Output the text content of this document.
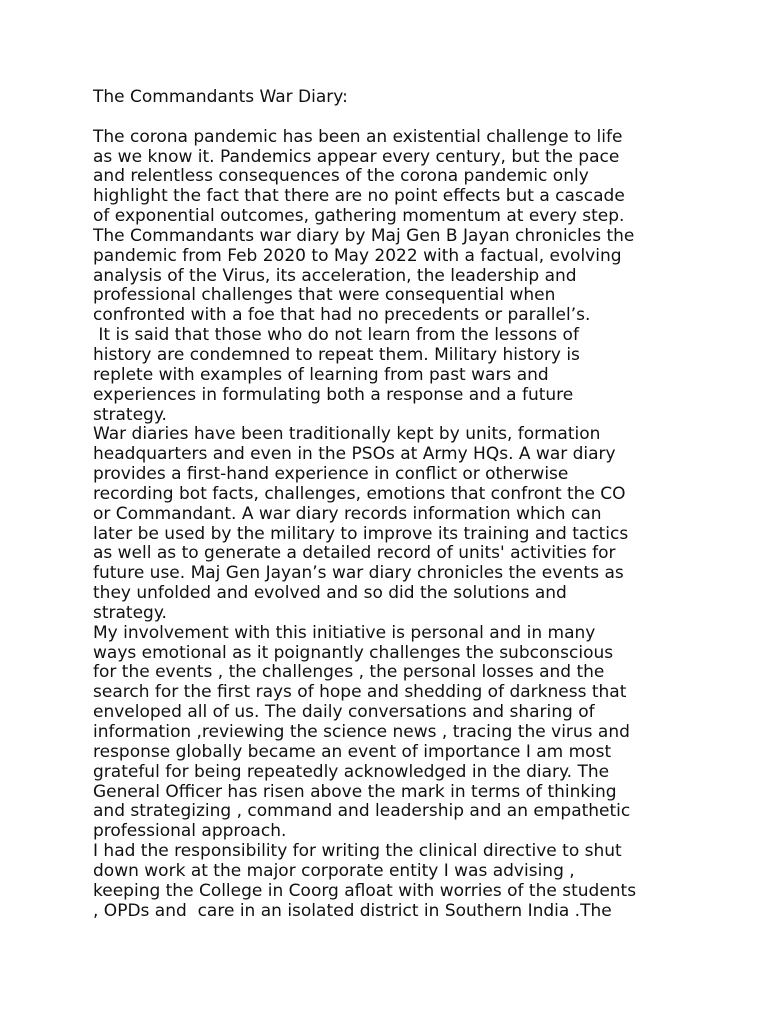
The Commandants War Diary:
The corona pandemic has been an existential challenge to life
as we know it. Pandemics appear every century, but the pace
and relentless consequences of the corona pandemic only
highlight the fact that there are no point effects but a cascade
of exponential outcomes, gathering momentum at every step.
The Commandants war diary by Maj Gen B Jayan chronicles the
pandemic from Feb 2020 to May 2022 with a factual, evolving
analysis of the Virus, its acceleration, the leadership and
professional challenges that were consequential when
confronted with a foe that had no precedents or parallel’s.
It is said that those who do not learn from the lessons of
history are condemned to repeat them. Military history is
replete with examples of learning from past wars and
experiences in formulating both a response and a future
strategy.
War diaries have been traditionally kept by units, formation
headquarters and even in the PSOs at Army HQs. A war diary
provides a first-hand experience in conflict or otherwise
recording bot facts, challenges, emotions that confront the CO
or Commandant. A war diary records information which can
later be used by the military to improve its training and tactics
as well as to generate a detailed record of units' activities for
future use. Maj Gen Jayan’s war diary chronicles the events as
they unfolded and evolved and so did the solutions and
strategy.
My involvement with this initiative is personal and in many
ways emotional as it poignantly challenges the subconscious
for the events , the challenges , the personal losses and the
search for the first rays of hope and shedding of darkness that
enveloped all of us. The daily conversations and sharing of
information ,reviewing the science news , tracing the virus and
response globally became an event of importance I am most
grateful for being repeatedly acknowledged in the diary. The
General Officer has risen above the mark in terms of thinking
and strategizing , command and leadership and an empathetic
professional approach.
I had the responsibility for writing the clinical directive to shut
down work at the major corporate entity I was advising ,
keeping the College in Coorg afloat with worries of the students
, OPDs and  care in an isolated district in Southern India .The
